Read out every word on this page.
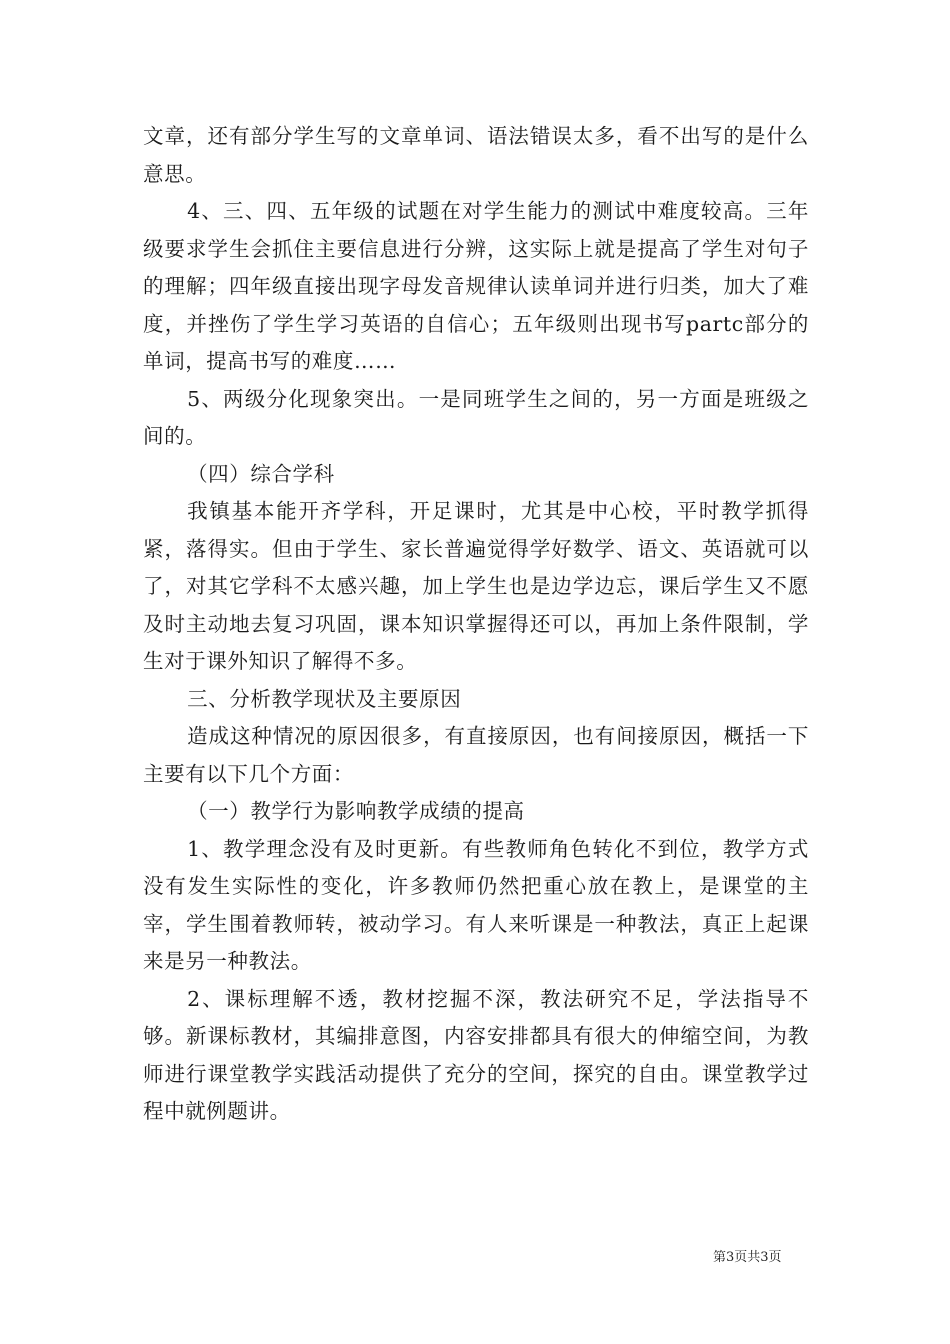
文章，还有部分学生写的文章单词、语法错误太多，看不出写的是什么意思。

4、三、四、五年级的试题在对学生能力的测试中难度较高。三年级要求学生会抓住主要信息进行分辨，这实际上就是提高了学生对句子的理解；四年级直接出现字母发音规律认读单词并进行归类，加大了难度，并挫伤了学生学习英语的自信心；五年级则出现书写partc部分的单词，提高书写的难度……

5、两级分化现象突出。一是同班学生之间的，另一方面是班级之间的。

（四）综合学科

我镇基本能开齐学科，开足课时，尤其是中心校，平时教学抓得紧，落得实。但由于学生、家长普遍觉得学好数学、语文、英语就可以了，对其它学科不太感兴趣，加上学生也是边学边忘，课后学生又不愿及时主动地去复习巩固，课本知识掌握得还可以，再加上条件限制，学生对于课外知识了解得不多。

三、分析教学现状及主要原因

造成这种情况的原因很多，有直接原因，也有间接原因，概括一下主要有以下几个方面：

（一）教学行为影响教学成绩的提高

1、教学理念没有及时更新。有些教师角色转化不到位，教学方式没有发生实际性的变化，许多教师仍然把重心放在教上，是课堂的主宰，学生围着教师转，被动学习。有人来听课是一种教法，真正上起课来是另一种教法。

2、课标理解不透，教材挖掘不深，教法研究不足，学法指导不够。新课标教材，其编排意图，内容安排都具有很大的伸缩空间，为教师进行课堂教学实践活动提供了充分的空间，探究的自由。课堂教学过程中就例题讲。

第3页共3页
